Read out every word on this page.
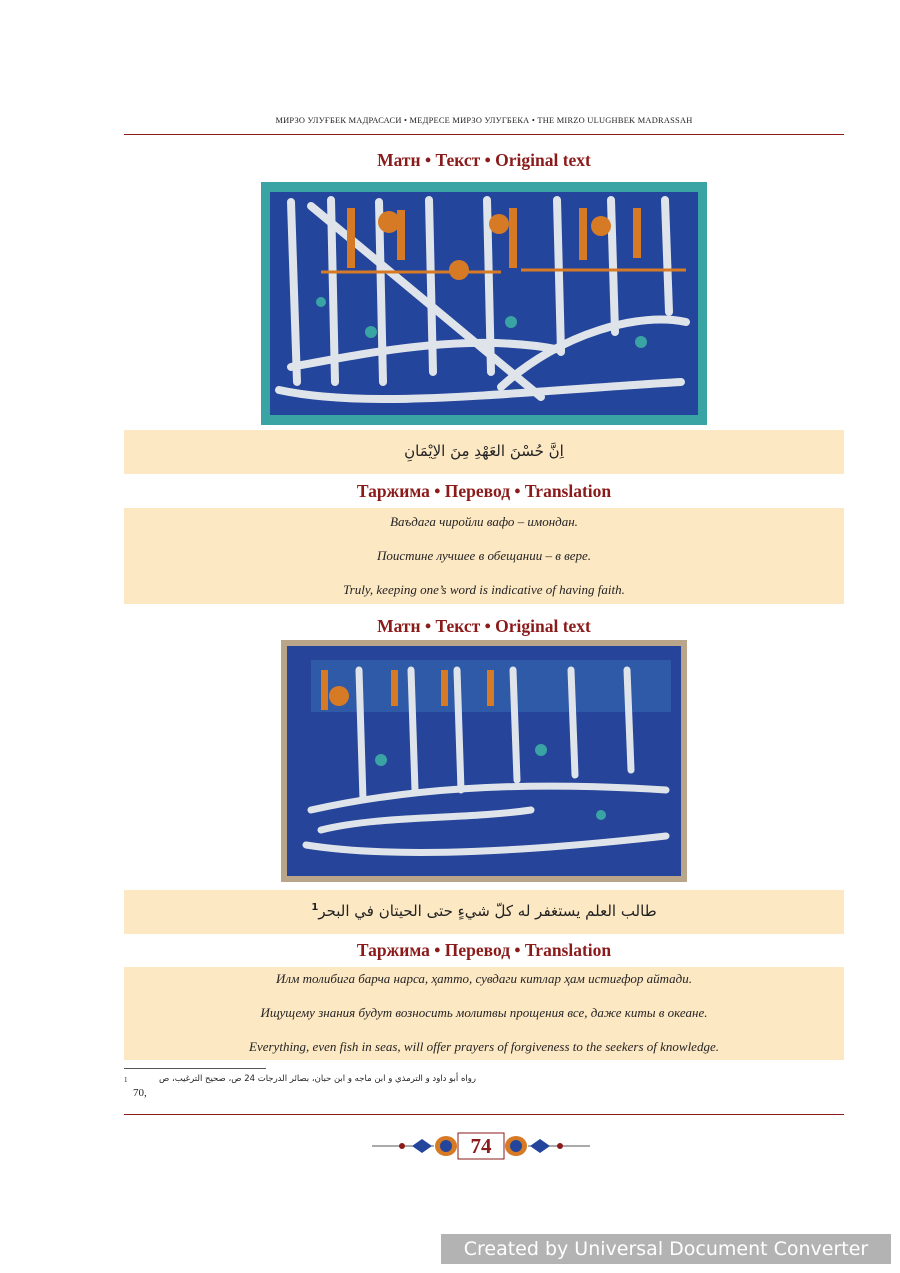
МИРЗО УЛУҒБЕК МАДРАСАСИ • МЕДРЕСЕ МИРЗО УЛУГБЕКА • THE MIRZO ULUGHBEK MADRASSAH
Матн • Текст • Original text
اِنَّ حُسْنَ العَهْدِ مِنَ الاِيْمَانِ
Таржима • Перевод • Translation
Ваъдага чиройли вафо – имондан.
Поистине лучшее в обещании – в вере.
Truly, keeping one’s word is indicative of having faith.
Матн • Текст • Original text
طالب العلم يستغفر له كلّ شيءٍ حتى الحيتان في البحر$^1$
Таржима • Перевод • Translation
Илм толибига барча нарса, ҳатто, сувдаги китлар ҳам истиғфор айтади.
Ищущему знания будут возносить молитвы прощения все, даже киты в океане.
Everything, even fish in seas, will offer prayers of forgiveness to the seekers of knowledge.
1	رواه أبو داود و الترمذي و ابن ماجه و ابن حبان، بصائر الدرجات 24 ص، صحيح الترغيب، ص
70,
74
Created by Universal Document Converter
